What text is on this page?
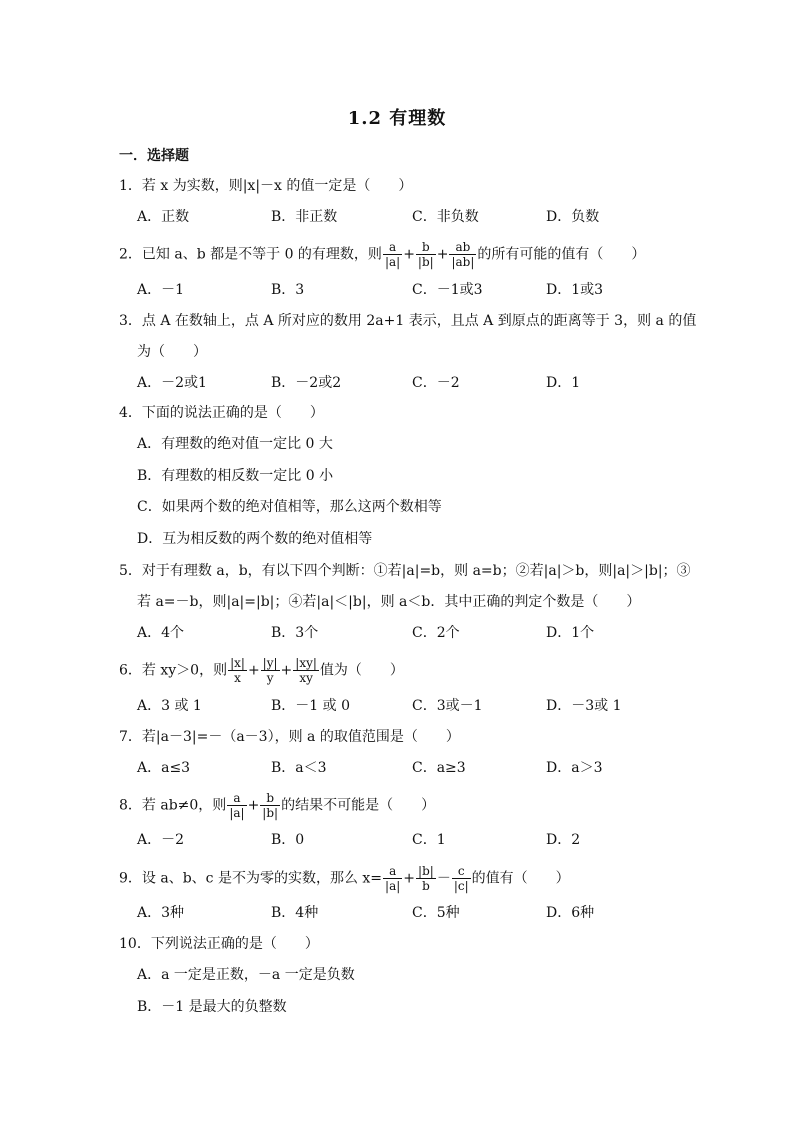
1.2 有理数
一．选择题
1．若 x 为实数，则|x|－x 的值一定是（　　）
A．正数	B．非正数	C．非负数	D．负数
2．已知 a、b 都是不等于 0 的有理数，则 $\frac{a}{|a|} + \frac{b}{|b|} + \frac{ab}{|ab|}$ 的所有可能的值有（　　）
A．－1	B．3	C．－1或3	D．1或3
3．点 A 在数轴上，点 A 所对应的数用 2a+1 表示，且点 A 到原点的距离等于 3，则 a 的值
为（　　）
A．－2或1	B．－2或2	C．－2	D．1
4．下面的说法正确的是（　　）
A．有理数的绝对值一定比 0 大
B．有理数的相反数一定比 0 小
C．如果两个数的绝对值相等，那么这两个数相等
D．互为相反数的两个数的绝对值相等
5．对于有理数 a，b，有以下四个判断：①若|a|=b，则 a=b；②若|a|＞b，则|a|＞|b|；③
若 a=－b，则|a|=|b|；④若|a|＜|b|，则 a＜b．其中正确的判定个数是（　　）
A．4个	B．3个	C．2个	D．1个
6．若 xy＞0，则 $\frac{|x|}{x} + \frac{|y|}{y} + \frac{|xy|}{xy}$ 值为（　　）
A．3 或 1	B．－1 或 0	C．3或－1	D．－3或 1
7．若|a－3|=－（a－3），则 a 的取值范围是（　　）
A．a≤3	B．a＜3	C．a≥3	D．a＞3
8．若 ab≠0，则 $\frac{a}{|a|} + \frac{b}{|b|}$ 的结果不可能是（　　）
A．－2	B．0	C．1	D．2
9．设 a、b、c 是不为零的实数，那么 $x= \frac{a}{|a|} + \frac{|b|}{b} - \frac{c}{|c|}$ 的值有（　　）
A．3种	B．4种	C．5种	D．6种
10．下列说法正确的是（　　）
A．a 一定是正数，－a 一定是负数
B．－1 是最大的负整数
